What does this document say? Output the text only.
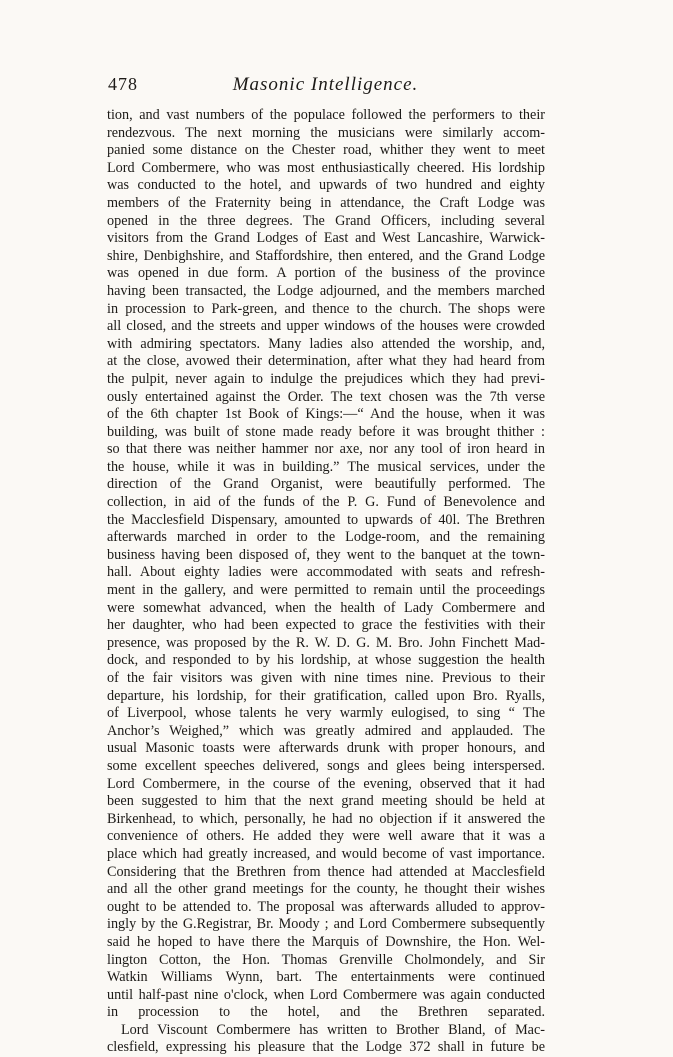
478	Masonic Intelligence.
tion, and vast numbers of the populace followed the performers to their
rendezvous. The next morning the musicians were similarly accom-
panied some distance on the Chester road, whither they went to meet
Lord Combermere, who was most enthusiastically cheered. His lordship
was conducted to the hotel, and upwards of two hundred and eighty
members of the Fraternity being in attendance, the Craft Lodge was
opened in the three degrees. The Grand Officers, including several
visitors from the Grand Lodges of East and West Lancashire, Warwick-
shire, Denbighshire, and Staffordshire, then entered, and the Grand Lodge
was opened in due form. A portion of the business of the province
having been transacted, the Lodge adjourned, and the members marched
in procession to Park-green, and thence to the church. The shops were
all closed, and the streets and upper windows of the houses were crowded
with admiring spectators. Many ladies also attended the worship, and,
at the close, avowed their determination, after what they had heard from
the pulpit, never again to indulge the prejudices which they had previ-
ously entertained against the Order. The text chosen was the 7th verse
of the 6th chapter 1st Book of Kings:—“ And the house, when it was
building, was built of stone made ready before it was brought thither :
so that there was neither hammer nor axe, nor any tool of iron heard in
the house, while it was in building.” The musical services, under the
direction of the Grand Organist, were beautifully performed. The
collection, in aid of the funds of the P. G. Fund of Benevolence and
the Macclesfield Dispensary, amounted to upwards of 40l. The Brethren
afterwards marched in order to the Lodge-room, and the remaining
business having been disposed of, they went to the banquet at the town-
hall. About eighty ladies were accommodated with seats and refresh-
ment in the gallery, and were permitted to remain until the proceedings
were somewhat advanced, when the health of Lady Combermere and
her daughter, who had been expected to grace the festivities with their
presence, was proposed by the R. W. D. G. M. Bro. John Finchett Mad-
dock, and responded to by his lordship, at whose suggestion the health
of the fair visitors was given with nine times nine. Previous to their
departure, his lordship, for their gratification, called upon Bro. Ryalls,
of Liverpool, whose talents he very warmly eulogised, to sing “ The
Anchor’s Weighed,” which was greatly admired and applauded. The
usual Masonic toasts were afterwards drunk with proper honours, and
some excellent speeches delivered, songs and glees being interspersed.
Lord Combermere, in the course of the evening, observed that it had
been suggested to him that the next grand meeting should be held at
Birkenhead, to which, personally, he had no objection if it answered the
convenience of others. He added they were well aware that it was a
place which had greatly increased, and would become of vast importance.
Considering that the Brethren from thence had attended at Macclesfield
and all the other grand meetings for the county, he thought their wishes
ought to be attended to. The proposal was afterwards alluded to approv-
ingly by the G.Registrar, Br. Moody ; and Lord Combermere subsequently
said he hoped to have there the Marquis of Downshire, the Hon. Wel-
lington Cotton, the Hon. Thomas Grenville Cholmondely, and Sir
Watkin Williams Wynn, bart. The entertainments were continued
until half-past nine o'clock, when Lord Combermere was again conducted
in procession to the hotel, and the Brethren separated.
Lord Viscount Combermere has written to Brother Bland, of Mac-
clesfield, expressing his pleasure that the Lodge 372 shall in future be
